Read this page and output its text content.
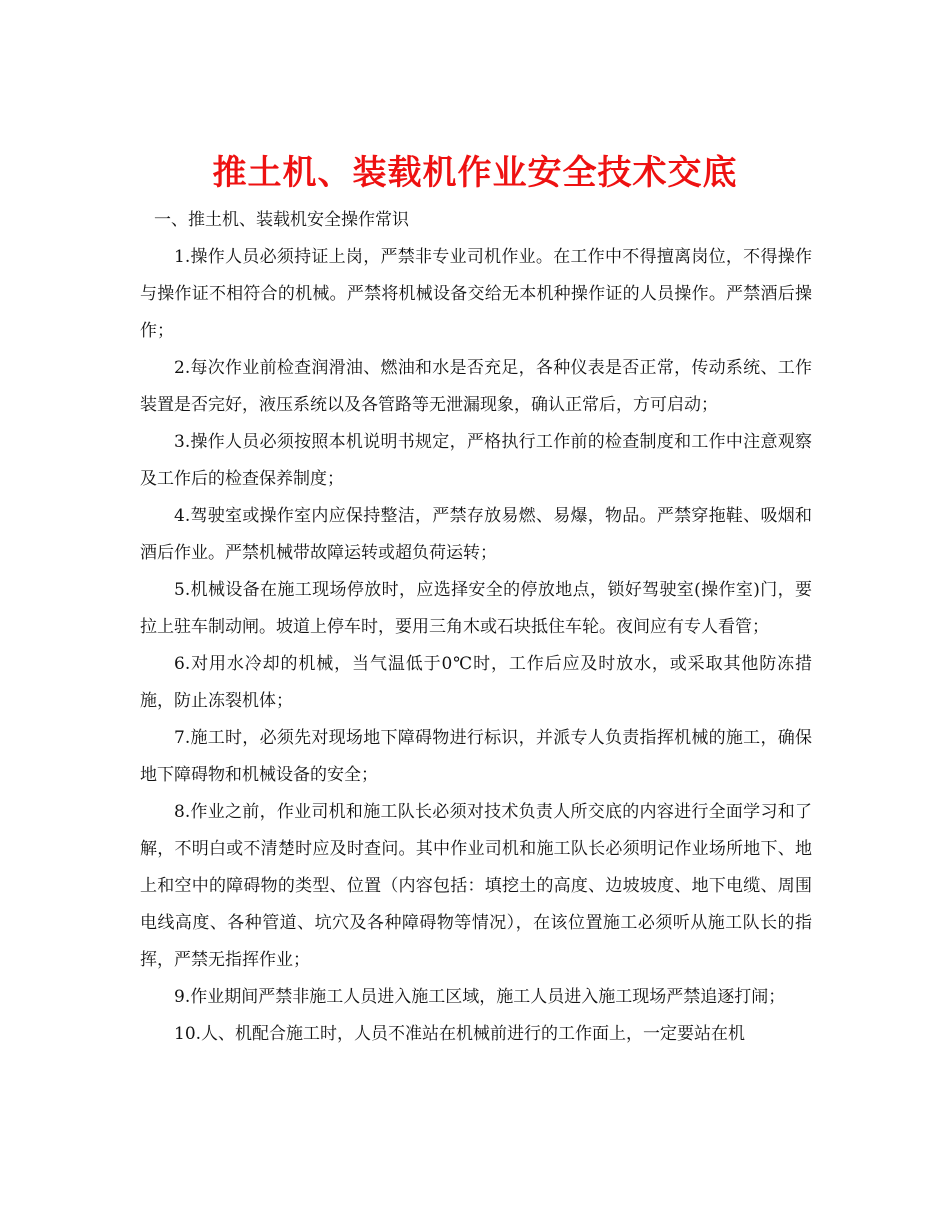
推土机、装载机作业安全技术交底

一、推土机、装载机安全操作常识

1.操作人员必须持证上岗，严禁非专业司机作业。在工作中不得擅离岗位，不得操作与操作证不相符合的机械。严禁将机械设备交给无本机种操作证的人员操作。严禁酒后操作；

2.每次作业前检查润滑油、燃油和水是否充足，各种仪表是否正常，传动系统、工作装置是否完好，液压系统以及各管路等无泄漏现象，确认正常后，方可启动；

3.操作人员必须按照本机说明书规定，严格执行工作前的检查制度和工作中注意观察及工作后的检查保养制度；

4.驾驶室或操作室内应保持整洁，严禁存放易燃、易爆，物品。严禁穿拖鞋、吸烟和酒后作业。严禁机械带故障运转或超负荷运转；

5.机械设备在施工现场停放时，应选择安全的停放地点，锁好驾驶室(操作室)门，要拉上驻车制动闸。坡道上停车时，要用三角木或石块抵住车轮。夜间应有专人看管；

6.对用水冷却的机械，当气温低于0℃时，工作后应及时放水，或采取其他防冻措施，防止冻裂机体；

7.施工时，必须先对现场地下障碍物进行标识，并派专人负责指挥机械的施工，确保地下障碍物和机械设备的安全；

8.作业之前，作业司机和施工队长必须对技术负责人所交底的内容进行全面学习和了解，不明白或不清楚时应及时查问。其中作业司机和施工队长必须明记作业场所地下、地上和空中的障碍物的类型、位置（内容包括：填挖土的高度、边坡坡度、地下电缆、周围电线高度、各种管道、坑穴及各种障碍物等情况），在该位置施工必须听从施工队长的指挥，严禁无指挥作业；

9.作业期间严禁非施工人员进入施工区域，施工人员进入施工现场严禁追逐打闹；

10.人、机配合施工时，人员不准站在机械前进行的工作面上，一定要站在机
